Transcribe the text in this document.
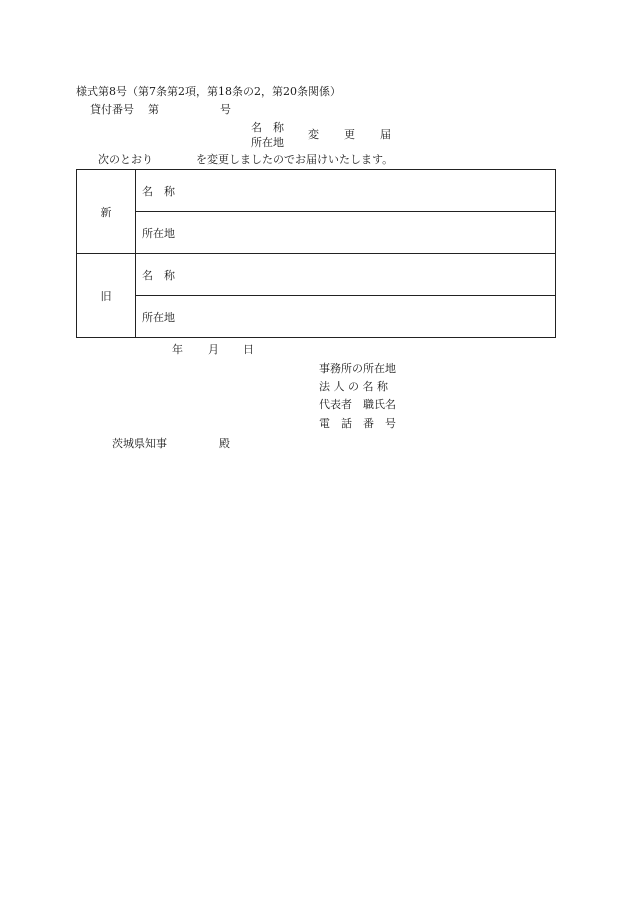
様式第8号（第7条第2項，第18条の2，第20条関係）
貸付番号 第	号
名　称
所在地
変 更 届
次のとおり	を変更しましたのでお届けいたします。
新	名　称
	所在地
旧	名　称
	所在地
年 月 日
事務所の所在地
法 人 の 名 称
代表者　職氏名
電　話　番　号
茨城県知事	殿
